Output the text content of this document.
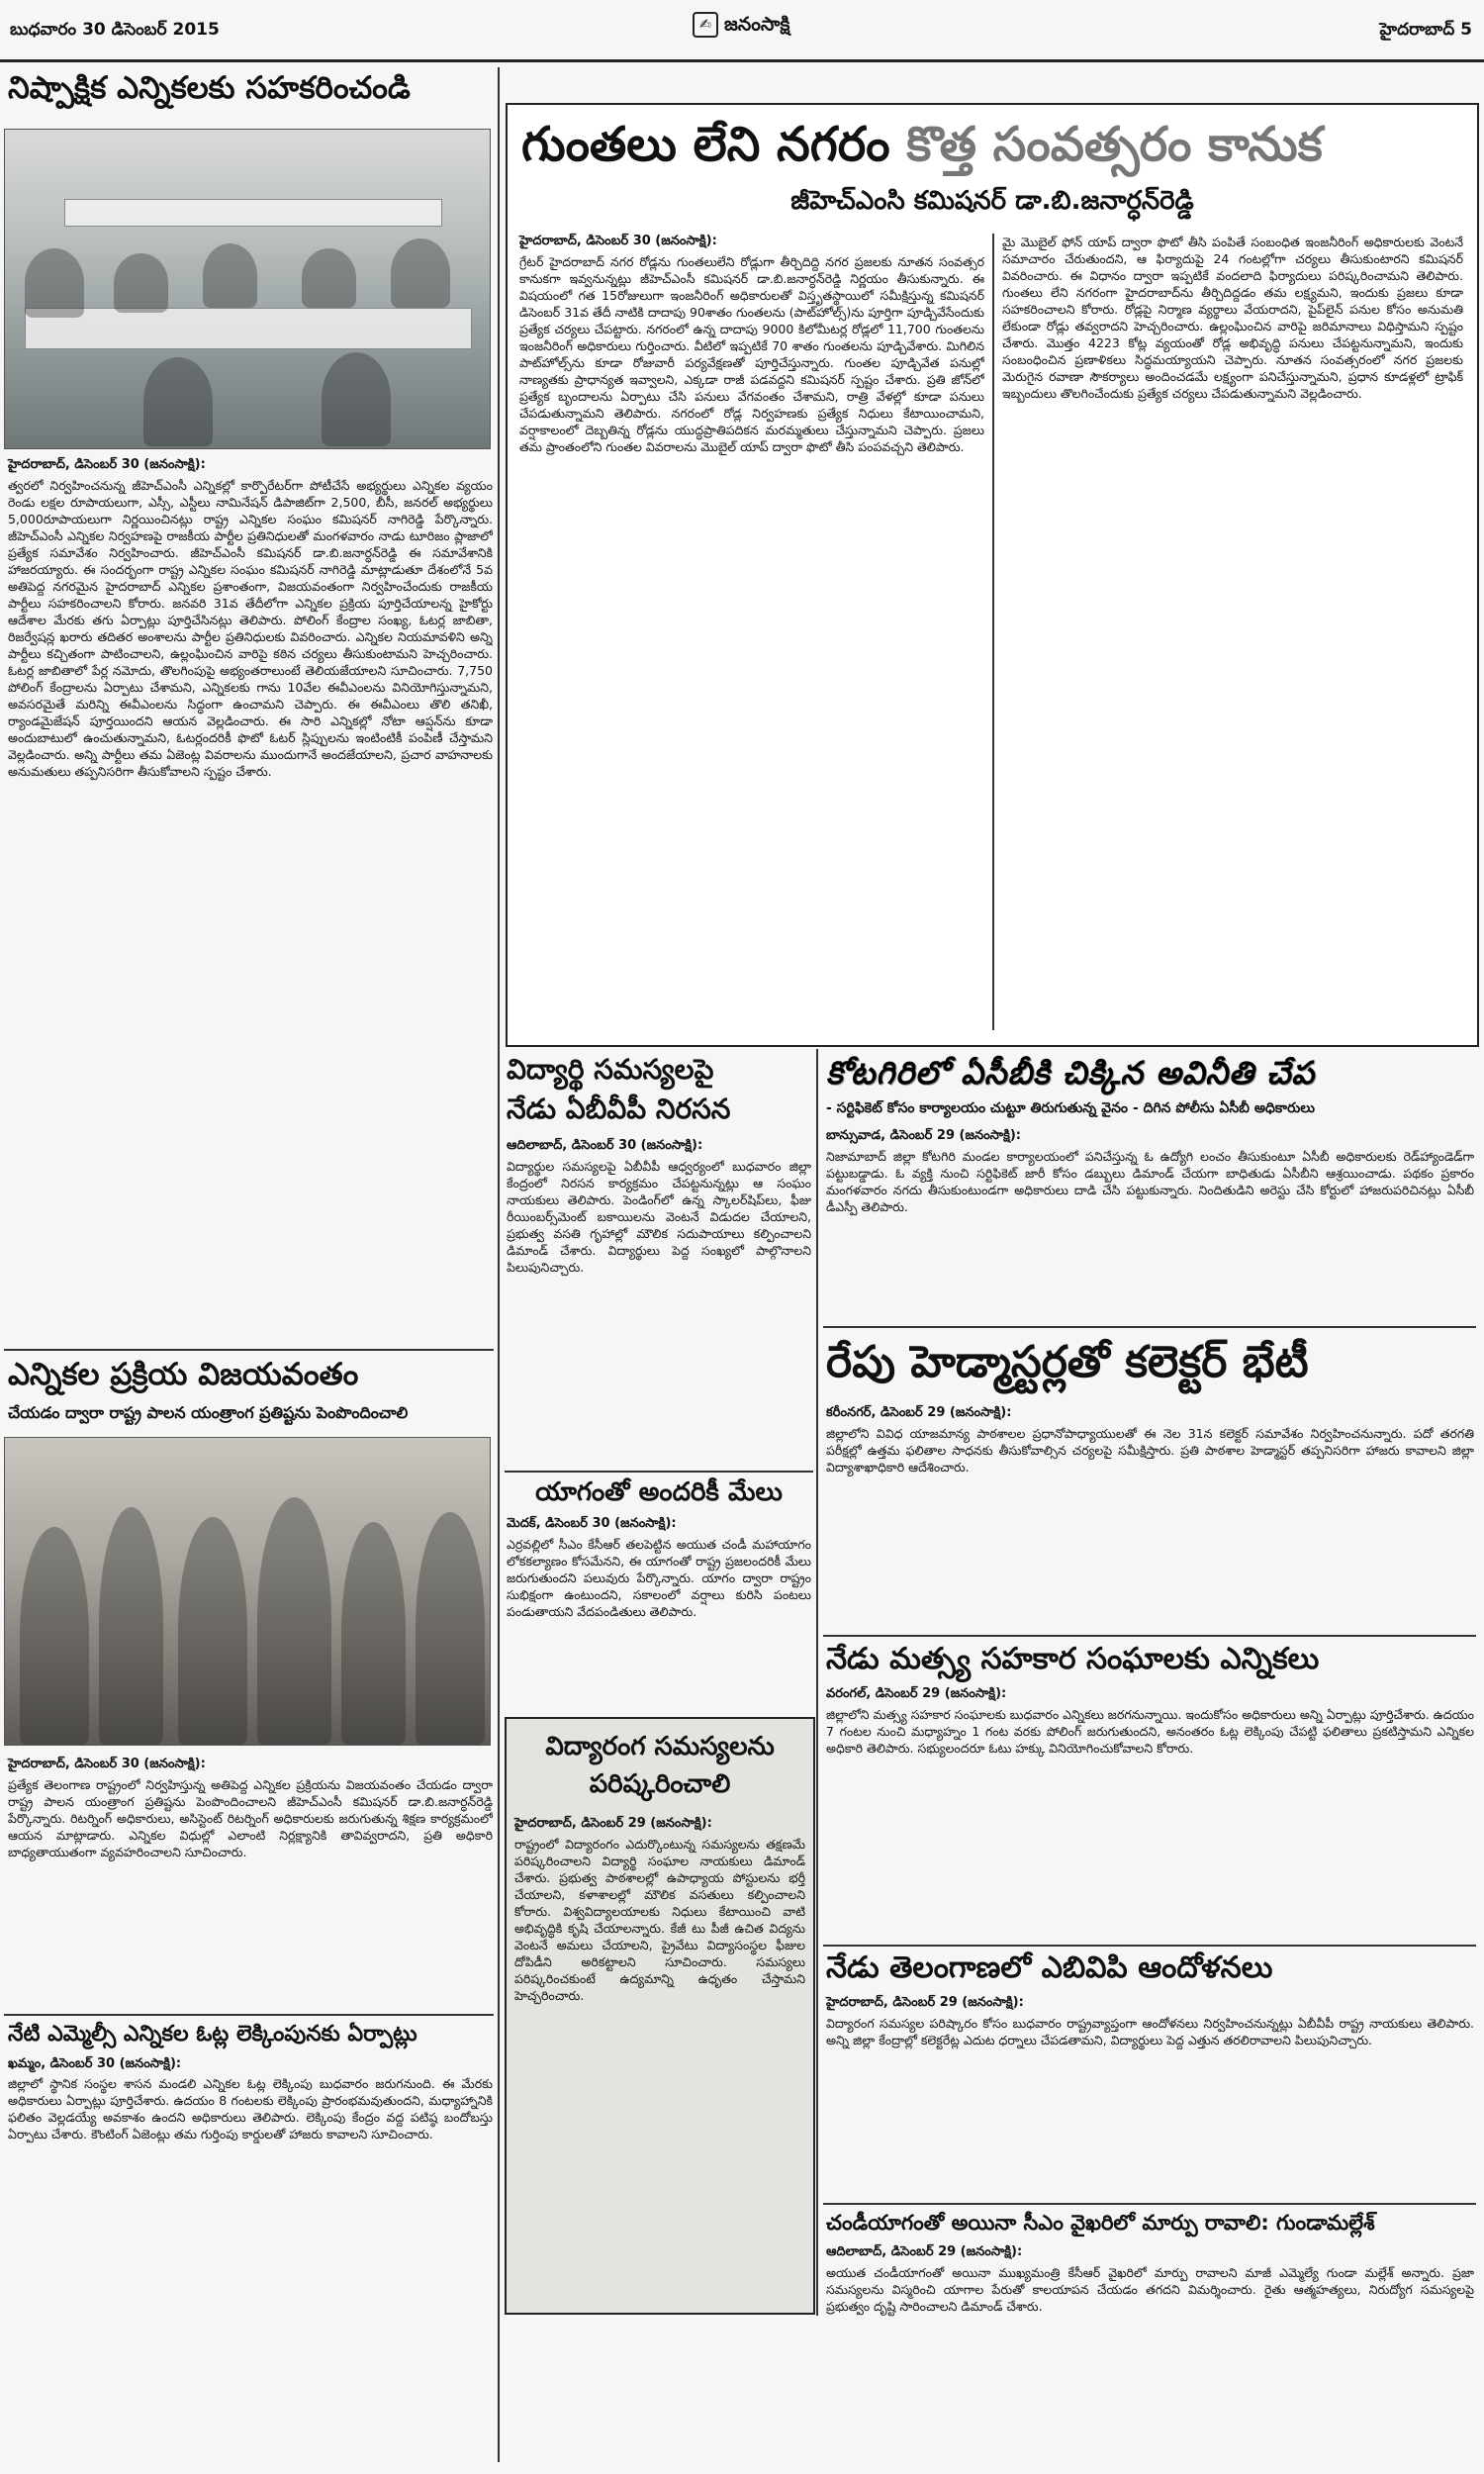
బుధవారం 30 డిసెంబర్ 2015	✍ జనంసాక్షి	హైదరాబాద్ 5
నిష్పాక్షిక ఎన్నికలకు సహకరించండి
హైదరాబాద్, డిసెంబర్ 30 (జనంసాక్షి):
త్వరలో నిర్వహించనున్న జీహెచ్‌ఎంసీ ఎన్నికల్లో కార్పొరేటర్‌గా పోటీచేసే అభ్యర్థులు ఎన్నికల వ్యయం రెండు లక్షల రూపాయలుగా, ఎస్సీ, ఎస్టీలు నామినేషన్ డిపాజిట్‌గా 2,500, బీసీ, జనరల్ అభ్యర్థులు 5,000రూపాయలుగా నిర్ణయించినట్లు రాష్ట్ర ఎన్నికల సంఘం కమిషనర్ నాగిరెడ్డి పేర్కొన్నారు. జీహెచ్‌ఎంసీ ఎన్నికల నిర్వహణపై రాజకీయ పార్టీల ప్రతినిధులతో మంగళవారం నాడు టూరిజం ప్లాజాలో ప్రత్యేక సమావేశం నిర్వహించారు. జీహెచ్‌ఎంసీ కమిషనర్ డా.బి.జనార్ధన్‌రెడ్డి ఈ సమావేశానికి హాజరయ్యారు. ఈ సందర్భంగా రాష్ట్ర ఎన్నికల సంఘం కమిషనర్ నాగిరెడ్డి మాట్లాడుతూ దేశంలోనే 5వ అతిపెద్ద నగరమైన హైదరాబాద్ ఎన్నికల ప్రశాంతంగా, విజయవంతంగా నిర్వహించేందుకు రాజకీయ పార్టీలు సహకరించాలని కోరారు. జనవరి 31వ తేదీలోగా ఎన్నికల ప్రక్రియ పూర్తిచేయాలన్న హైకోర్టు ఆదేశాల మేరకు తగు ఏర్పాట్లు పూర్తిచేసినట్లు తెలిపారు. పోలింగ్ కేంద్రాల సంఖ్య, ఓటర్ల జాబితా, రిజర్వేషన్ల ఖరారు తదితర అంశాలను పార్టీల ప్రతినిధులకు వివరించారు. ఎన్నికల నియమావళిని అన్ని పార్టీలు కచ్చితంగా పాటించాలని, ఉల్లంఘించిన వారిపై కఠిన చర్యలు తీసుకుంటామని హెచ్చరించారు. ఓటర్ల జాబితాలో పేర్ల నమోదు, తొలగింపుపై అభ్యంతరాలుంటే తెలియజేయాలని సూచించారు. 7,750 పోలింగ్ కేంద్రాలను ఏర్పాటు చేశామని, ఎన్నికలకు గాను 10వేల ఈవీఎంలను వినియోగిస్తున్నామని, అవసరమైతే మరిన్ని ఈవీఎంలను సిద్ధంగా ఉంచామని చెప్పారు. ఈ ఈవీఎంలు తొలి తనిఖీ, ర్యాండమైజేషన్ పూర్తయిందని ఆయన వెల్లడించారు. ఈ సారి ఎన్నికల్లో నోటా ఆప్షన్‌ను కూడా అందుబాటులో ఉంచుతున్నామని, ఓటర్లందరికీ ఫొటో ఓటర్ స్లిప్పులను ఇంటింటికీ పంపిణీ చేస్తామని వెల్లడించారు. అన్ని పార్టీలు తమ ఏజెంట్ల వివరాలను ముందుగానే అందజేయాలని, ప్రచార వాహనాలకు అనుమతులు తప్పనిసరిగా తీసుకోవాలని స్పష్టం చేశారు.
ఎన్నికల ప్రక్రియ విజయవంతం
చేయడం ద్వారా రాష్ట్ర పాలన యంత్రాంగ ప్రతిష్టను పెంపొందించాలి
హైదరాబాద్, డిసెంబర్ 30 (జనంసాక్షి):
ప్రత్యేక తెలంగాణ రాష్ట్రంలో నిర్వహిస్తున్న అతిపెద్ద ఎన్నికల ప్రక్రియను విజయవంతం చేయడం ద్వారా రాష్ట్ర పాలన యంత్రాంగ ప్రతిష్టను పెంపొందించాలని జీహెచ్‌ఎంసీ కమిషనర్ డా.బి.జనార్ధన్‌రెడ్డి పేర్కొన్నారు. రిటర్నింగ్ అధికారులు, అసిస్టెంట్ రిటర్నింగ్ అధికారులకు జరుగుతున్న శిక్షణ కార్యక్రమంలో ఆయన మాట్లాడారు. ఎన్నికల విధుల్లో ఎలాంటి నిర్లక్ష్యానికి తావివ్వరాదని, ప్రతి అధికారి బాధ్యతాయుతంగా వ్యవహరించాలని సూచించారు.
నేటి ఎమ్మెల్సీ ఎన్నికల ఓట్ల లెక్కింపునకు ఏర్పాట్లు
ఖమ్మం, డిసెంబర్ 30 (జనంసాక్షి):
జిల్లాలో స్థానిక సంస్థల శాసన మండలి ఎన్నికల ఓట్ల లెక్కింపు బుధవారం జరుగనుంది. ఈ మేరకు అధికారులు ఏర్పాట్లు పూర్తిచేశారు. ఉదయం 8 గంటలకు లెక్కింపు ప్రారంభమవుతుందని, మధ్యాహ్నానికి ఫలితం వెల్లడయ్యే అవకాశం ఉందని అధికారులు తెలిపారు. లెక్కింపు కేంద్రం వద్ద పటిష్ఠ బందోబస్తు ఏర్పాటు చేశారు. కౌంటింగ్ ఏజెంట్లు తమ గుర్తింపు కార్డులతో హాజరు కావాలని సూచించారు.
గుంతలు లేని నగరం కొత్త సంవత్సరం కానుక
జీహెచ్‌ఎంసి కమిషనర్ డా.బి.జనార్ధన్‌రెడ్డి
హైదరాబాద్, డిసెంబర్ 30 (జనంసాక్షి):
గ్రేటర్ హైదరాబాద్ నగర రోడ్లను గుంతలులేని రోడ్లుగా తీర్చిదిద్ది నగర ప్రజలకు నూతన సంవత్సర కానుకగా ఇవ్వనున్నట్లు జీహెచ్‌ఎంసీ కమిషనర్ డా.బి.జనార్ధన్‌రెడ్డి నిర్ణయం తీసుకున్నారు. ఈ విషయంలో గత 15రోజులుగా ఇంజనీరింగ్ అధికారులతో విస్తృతస్థాయిలో సమీక్షిస్తున్న కమిషనర్ డిసెంబర్ 31వ తేదీ నాటికి దాదాపు 90శాతం గుంతలను (పాట్‌హోల్స్)ను పూర్తిగా పూడ్చివేసేందుకు ప్రత్యేక చర్యలు చేపట్టారు. నగరంలో ఉన్న దాదాపు 9000 కిలోమీటర్ల రోడ్లలో 11,700 గుంతలను ఇంజనీరింగ్ అధికారులు గుర్తించారు. వీటిలో ఇప్పటికే 70 శాతం గుంతలను పూడ్చివేశారు. మిగిలిన పాట్‌హోల్స్‌ను కూడా రోజువారీ పర్యవేక్షణతో పూర్తిచేస్తున్నారు. గుంతల పూడ్చివేత పనుల్లో నాణ్యతకు ప్రాధాన్యత ఇవ్వాలని, ఎక్కడా రాజీ పడవద్దని కమిషనర్ స్పష్టం చేశారు. ప్రతి జోన్‌లో ప్రత్యేక బృందాలను ఏర్పాటు చేసి పనులు వేగవంతం చేశామని, రాత్రి వేళల్లో కూడా పనులు చేపడుతున్నామని తెలిపారు. నగరంలో రోడ్ల నిర్వహణకు ప్రత్యేక నిధులు కేటాయించామని, వర్షాకాలంలో దెబ్బతిన్న రోడ్లను యుద్ధప్రాతిపదికన మరమ్మతులు చేస్తున్నామని చెప్పారు. ప్రజలు తమ ప్రాంతంలోని గుంతల వివరాలను మొబైల్ యాప్ ద్వారా ఫొటో తీసి పంపవచ్చని తెలిపారు.
మై మొబైల్ ఫోన్ యాప్ ద్వారా ఫొటో తీసి పంపితే సంబంధిత ఇంజనీరింగ్ అధికారులకు వెంటనే సమాచారం చేరుతుందని, ఆ ఫిర్యాదుపై 24 గంటల్లోగా చర్యలు తీసుకుంటారని కమిషనర్ వివరించారు. ఈ విధానం ద్వారా ఇప్పటికే వందలాది ఫిర్యాదులు పరిష్కరించామని తెలిపారు. గుంతలు లేని నగరంగా హైదరాబాద్‌ను తీర్చిదిద్దడం తమ లక్ష్యమని, ఇందుకు ప్రజలు కూడా సహకరించాలని కోరారు. రోడ్లపై నిర్మాణ వ్యర్థాలు వేయరాదని, పైప్‌లైన్ పనుల కోసం అనుమతి లేకుండా రోడ్లు తవ్వరాదని హెచ్చరించారు. ఉల్లంఘించిన వారిపై జరిమానాలు విధిస్తామని స్పష్టం చేశారు. మొత్తం 4223 కోట్ల వ్యయంతో రోడ్ల అభివృద్ధి పనులు చేపట్టనున్నామని, ఇందుకు సంబంధించిన ప్రణాళికలు సిద్ధమయ్యాయని చెప్పారు. నూతన సంవత్సరంలో నగర ప్రజలకు మెరుగైన రవాణా సౌకర్యాలు అందించడమే లక్ష్యంగా పనిచేస్తున్నామని, ప్రధాన కూడళ్లలో ట్రాఫిక్ ఇబ్బందులు తొలగించేందుకు ప్రత్యేక చర్యలు చేపడుతున్నామని వెల్లడించారు.
విద్యార్థి సమస్యలపై
నేడు ఏబీవీపీ నిరసన
ఆదిలాబాద్, డిసెంబర్ 30 (జనంసాక్షి):
విద్యార్థుల సమస్యలపై ఏబీవీపీ ఆధ్వర్యంలో బుధవారం జిల్లా కేంద్రంలో నిరసన కార్యక్రమం చేపట్టనున్నట్లు ఆ సంఘం నాయకులు తెలిపారు. పెండింగ్‌లో ఉన్న స్కాలర్‌షిప్‌లు, ఫీజు రీయింబర్స్‌మెంట్ బకాయిలను వెంటనే విడుదల చేయాలని, ప్రభుత్వ వసతి గృహాల్లో మౌలిక సదుపాయాలు కల్పించాలని డిమాండ్ చేశారు. విద్యార్థులు పెద్ద సంఖ్యలో పాల్గొనాలని పిలుపునిచ్చారు.
యాగంతో అందరికీ మేలు
మెదక్, డిసెంబర్ 30 (జనంసాక్షి):
ఎర్రవల్లిలో సీఎం కేసీఆర్ తలపెట్టిన అయుత చండీ మహాయాగం లోకకల్యాణం కోసమేనని, ఈ యాగంతో రాష్ట్ర ప్రజలందరికీ మేలు జరుగుతుందని పలువురు పేర్కొన్నారు. యాగం ద్వారా రాష్ట్రం సుభిక్షంగా ఉంటుందని, సకాలంలో వర్షాలు కురిసి పంటలు పండుతాయని వేదపండితులు తెలిపారు.
విద్యారంగ సమస్యలను
పరిష్కరించాలి
హైదరాబాద్, డిసెంబర్ 29 (జనంసాక్షి):
రాష్ట్రంలో విద్యారంగం ఎదుర్కొంటున్న సమస్యలను తక్షణమే పరిష్కరించాలని విద్యార్థి సంఘాల నాయకులు డిమాండ్ చేశారు. ప్రభుత్వ పాఠశాలల్లో ఉపాధ్యాయ పోస్టులను భర్తీ చేయాలని, కళాశాలల్లో మౌలిక వసతులు కల్పించాలని కోరారు. విశ్వవిద్యాలయాలకు నిధులు కేటాయించి వాటి అభివృద్ధికి కృషి చేయాలన్నారు. కేజీ టు పీజీ ఉచిత విద్యను వెంటనే అమలు చేయాలని, ప్రైవేటు విద్యాసంస్థల ఫీజుల దోపిడీని అరికట్టాలని సూచించారు. సమస్యలు పరిష్కరించకుంటే ఉద్యమాన్ని ఉధృతం చేస్తామని హెచ్చరించారు.
కోటగిరిలో ఏసీబీకి చిక్కిన అవినీతి చేప
- సర్టిఫికెట్ కోసం కార్యాలయం చుట్టూ తిరుగుతున్న వైనం - దిగిన పోలీసు ఏసీబీ అధికారులు
బాన్సువాడ, డిసెంబర్ 29 (జనంసాక్షి):
నిజామాబాద్ జిల్లా కోటగిరి మండల కార్యాలయంలో పనిచేస్తున్న ఓ ఉద్యోగి లంచం తీసుకుంటూ ఏసీబీ అధికారులకు రెడ్‌హ్యాండెడ్‌గా పట్టుబడ్డాడు. ఓ వ్యక్తి నుంచి సర్టిఫికెట్ జారీ కోసం డబ్బులు డిమాండ్ చేయగా బాధితుడు ఏసీబీని ఆశ్రయించాడు. పథకం ప్రకారం మంగళవారం నగదు తీసుకుంటుండగా అధికారులు దాడి చేసి పట్టుకున్నారు. నిందితుడిని అరెస్టు చేసి కోర్టులో హాజరుపరిచినట్లు ఏసీబీ డీఎస్పీ తెలిపారు.
రేపు హెడ్మాస్టర్లతో కలెక్టర్ భేటీ
కరీంనగర్, డిసెంబర్ 29 (జనంసాక్షి):
జిల్లాలోని వివిధ యాజమాన్య పాఠశాలల ప్రధానోపాధ్యాయులతో ఈ నెల 31న కలెక్టర్ సమావేశం నిర్వహించనున్నారు. పదో తరగతి పరీక్షల్లో ఉత్తమ ఫలితాల సాధనకు తీసుకోవాల్సిన చర్యలపై సమీక్షిస్తారు. ప్రతి పాఠశాల హెడ్మాస్టర్ తప్పనిసరిగా హాజరు కావాలని జిల్లా విద్యాశాఖాధికారి ఆదేశించారు.
నేడు మత్స్య సహకార సంఘాలకు ఎన్నికలు
వరంగల్, డిసెంబర్ 29 (జనంసాక్షి):
జిల్లాలోని మత్స్య సహకార సంఘాలకు బుధవారం ఎన్నికలు జరగనున్నాయి. ఇందుకోసం అధికారులు అన్ని ఏర్పాట్లు పూర్తిచేశారు. ఉదయం 7 గంటల నుంచి మధ్యాహ్నం 1 గంట వరకు పోలింగ్ జరుగుతుందని, అనంతరం ఓట్ల లెక్కింపు చేపట్టి ఫలితాలు ప్రకటిస్తామని ఎన్నికల అధికారి తెలిపారు. సభ్యులందరూ ఓటు హక్కు వినియోగించుకోవాలని కోరారు.
నేడు తెలంగాణలో ఎబివిపి ఆందోళనలు
హైదరాబాద్, డిసెంబర్ 29 (జనంసాక్షి):
విద్యారంగ సమస్యల పరిష్కారం కోసం బుధవారం రాష్ట్రవ్యాప్తంగా ఆందోళనలు నిర్వహించనున్నట్లు ఏబీవీపీ రాష్ట్ర నాయకులు తెలిపారు. అన్ని జిల్లా కేంద్రాల్లో కలెక్టరేట్ల ఎదుట ధర్నాలు చేపడతామని, విద్యార్థులు పెద్ద ఎత్తున తరలిరావాలని పిలుపునిచ్చారు.
చండీయాగంతో అయినా సీఎం వైఖరిలో మార్పు రావాలి: గుండామల్లేశ్
ఆదిలాబాద్, డిసెంబర్ 29 (జనంసాక్షి):
అయుత చండీయాగంతో అయినా ముఖ్యమంత్రి కేసీఆర్ వైఖరిలో మార్పు రావాలని మాజీ ఎమ్మెల్యే గుండా మల్లేశ్ అన్నారు. ప్రజా సమస్యలను విస్మరించి యాగాల పేరుతో కాలయాపన చేయడం తగదని విమర్శించారు. రైతు ఆత్మహత్యలు, నిరుద్యోగ సమస్యలపై ప్రభుత్వం దృష్టి సారించాలని డిమాండ్ చేశారు.
